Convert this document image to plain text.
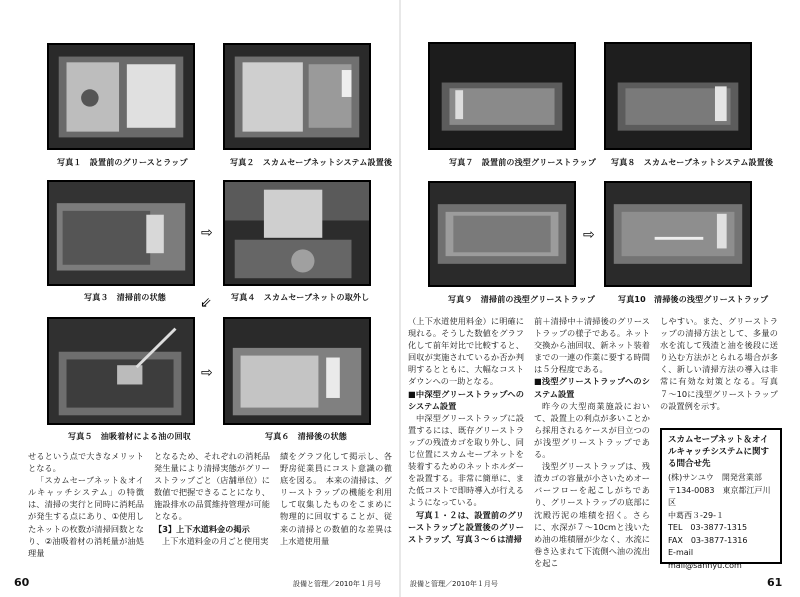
写真１　設置前のグリースとラップ	写真２　スカムセーブネットシステム設置後
写真３　清掃前の状態
⇨
写真４　スカムセーブネットの取外し
⇙
写真５　油吸着材による油の回収
⇨
写真６　清掃後の状態

せるという点で大きなメリットとなる。

「スカムセーブネット＆オイルキャッチシステム」の特徴は、清掃の実行と同時に消耗品が発生する点にあり、①使用したネットの枚数が清掃回数となり、②油吸着材の消耗量が油処理量

となるため、それぞれの消耗品発生量により清掃実態がグリーストラップごと（店舗単位）に数値で把握できることになり、施設排水の品質維持管理が可能となる。

【3】上下水道料金の掲示

上下水道料金の月ごと使用実

績をグラフ化して掲示し、各野房従業員にコスト意識の徹底を図る。　本来の清掃は、グリーストラップの機能を利用して収集したものをこまめに物理的に回収することが、従来の清掃との数値的な差異は上水道使用量

60	設備と管理／2010年１月号
写真７　設置前の浅型グリーストラップ 写真８　スカムセーブネットシステム設置後
写真９　清掃前の浅型グリーストラップ
⇨
写真10　清掃後の浅型グリーストラップ

（上下水道使用料金）に明確に現れる。そうした数値をグラフ化して前年対比で比較すると、回収が実施されているか否か判明するとともに、大幅なコストダウンへの一助となる。

■中深型グリーストラップへのシステム設置

中深型グリーストラップに設置するには、既存グリーストラップの残渣カゴを取り外し、同じ位置にスカムセーブネットを装着するためのネットホルダーを設置する。非常に簡単に、また低コストで即時導入が行えるようになっている。

写真１・２は、設置前のグリーストラップと設置後のグリーストラップ、写真３〜６は清掃

前＋清掃中＋清掃後のグリーストラップの様子である。ネット交換から油回収、新ネット装着までの一連の作業に要する時間は５分程度である。

■浅型グリーストラップへのシステム設置

昨今の大型商業施設において、設置上の利点が多いことから採用されるケースが目立つのが浅型グリーストラップである。

浅型グリーストラップは、残渣カゴの容量が小さいためオーバーフローを起こしがちであり、グリーストラップの底部に沈殿汚泥の堆積を招く。さらに、水深が７〜10cmと浅いため油の堆積層が少なく、水流に巻き込まれて下流側へ油の流出を起こ

しやすい。また、グリーストラップの清掃方法として、多量の水を流して残渣と油を後段に送り込む方法がとられる場合が多く、新しい清掃方法の導入は非常に有効な対策となる。写真７〜10に浅型グリーストラップの設置例を示す。

スカムセーブネット＆オイルキャッチシステムに関する問合せ先
(株)サンユウ　開発営業部
〒134-0083　東京都江戸川区
中葛西３-29-１
TEL　03-3877-1315
FAX　03-3877-1316
E-mail　mail@sannyu.com
設備と管理／2010年１月号	61
